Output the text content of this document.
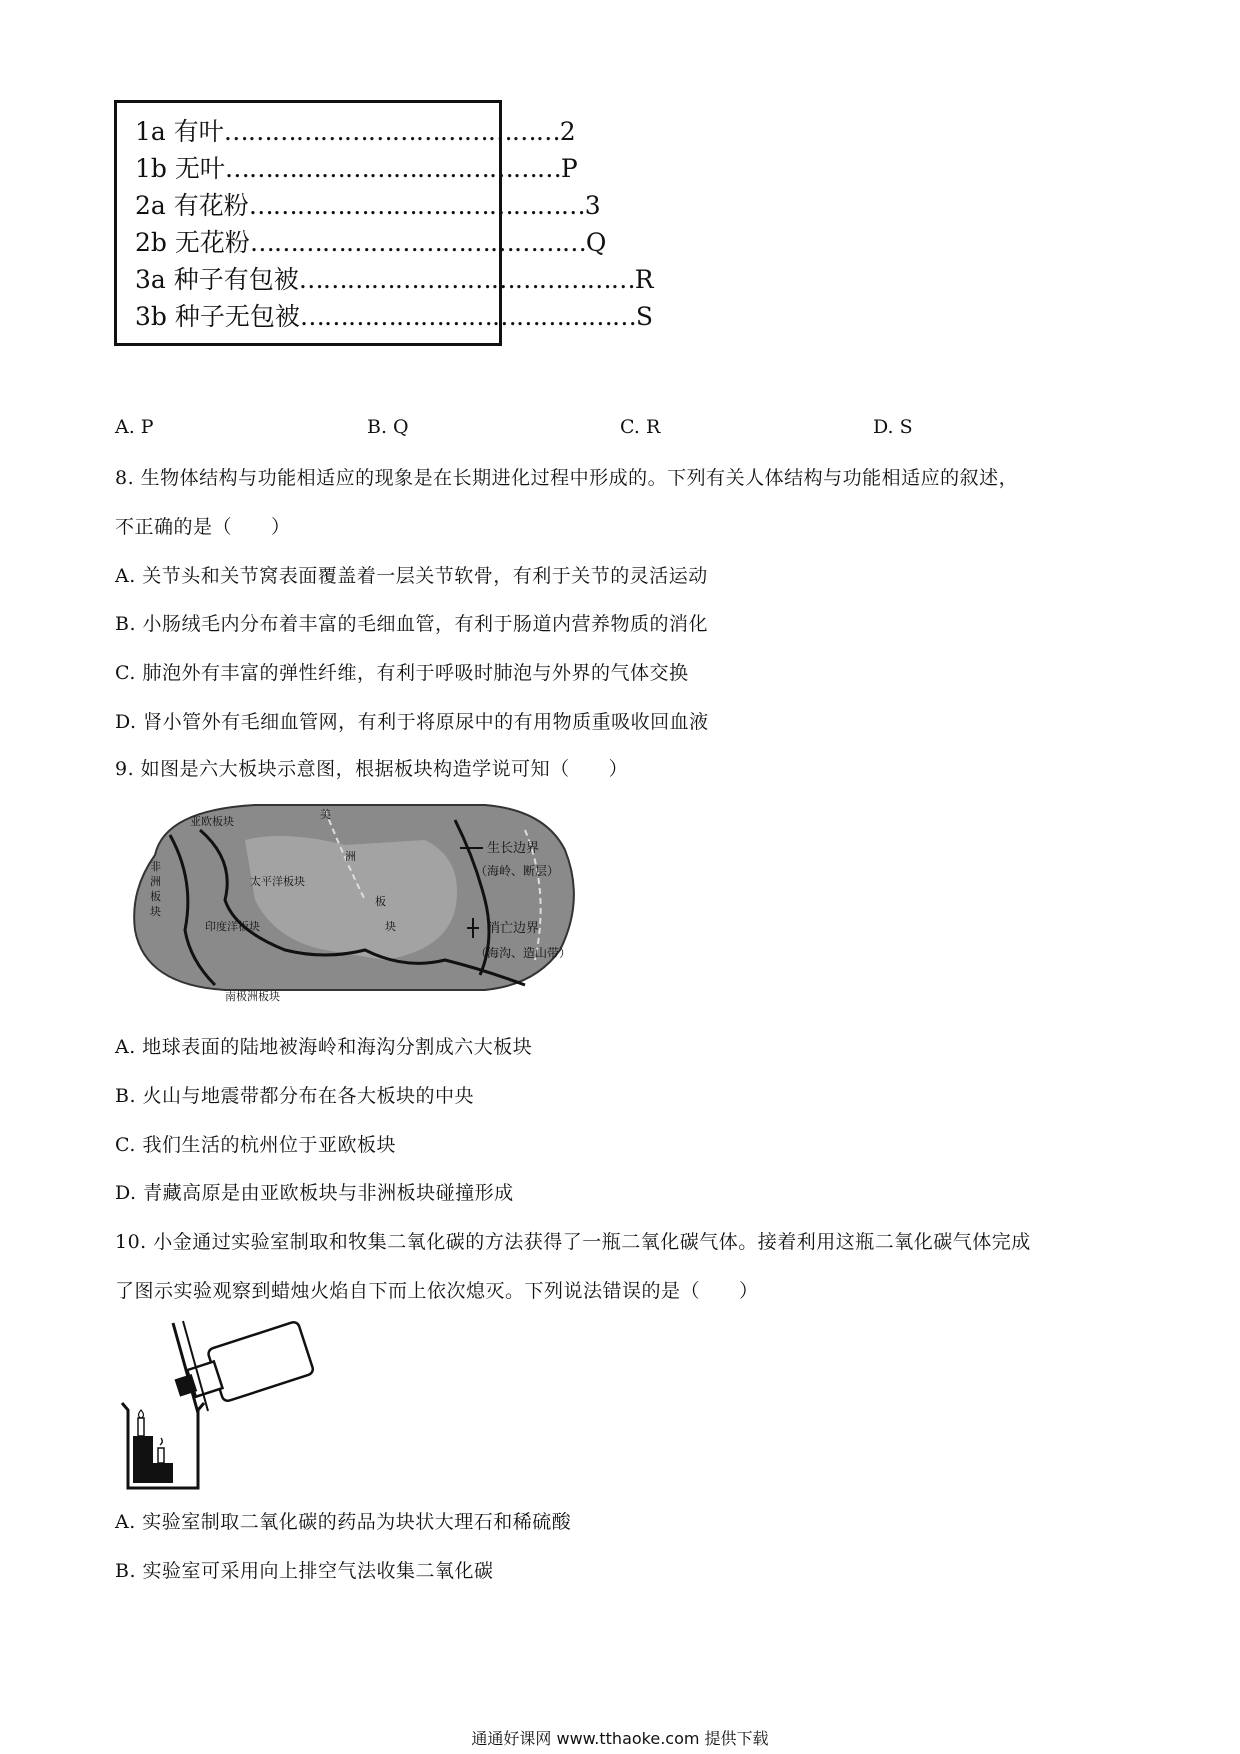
1a 有叶 …………………………………… 2
1b 无叶 …………………………………… P
2a 有花粉 …………………………………… 3
2b 无花粉 …………………………………… Q
3a 种子有包被 …………………………………… R
3b 种子无包被 …………………………………… S
A. P	B. Q	C. R	D. S
8. 生物体结构与功能相适应的现象是在长期进化过程中形成的。下列有关人体结构与功能相适应的叙述，
不正确的是（　　）
A. 关节头和关节窝表面覆盖着一层关节软骨，有利于关节的灵活运动
B. 小肠绒毛内分布着丰富的毛细血管，有利于肠道内营养物质的消化
C. 肺泡外有丰富的弹性纤维，有利于呼吸时肺泡与外界的气体交换
D. 肾小管外有毛细血管网，有利于将原尿中的有用物质重吸收回血液
9. 如图是六大板块示意图，根据板块构造学说可知（　　）
亚欧板块
非
洲
板
块
太平洋板块
印度洋板块
美
洲
板
块
南极洲板块
生长边界
（海岭、断层）
消亡边界
（海沟、造山带）
A. 地球表面的陆地被海岭和海沟分割成六大板块
B. 火山与地震带都分布在各大板块的中央
C. 我们生活的杭州位于亚欧板块
D. 青藏高原是由亚欧板块与非洲板块碰撞形成
10. 小金通过实验室制取和牧集二氧化碳的方法获得了一瓶二氧化碳气体。接着利用这瓶二氧化碳气体完成
了图示实验观察到蜡烛火焰自下而上依次熄灭。下列说法错误的是（　　）
A. 实验室制取二氧化碳的药品为块状大理石和稀硫酸
B. 实验室可采用向上排空气法收集二氧化碳
通通好课网 www.tthaoke.com 提供下载
